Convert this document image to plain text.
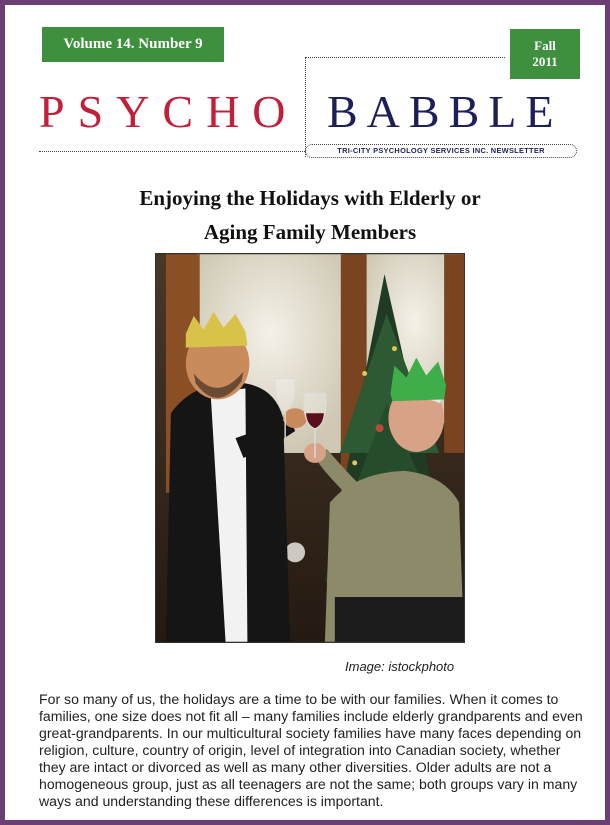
Volume 14. Number 9	Fall
2011
PSYCHO BABBLE
TRI-CITY PSYCHOLOGY SERVICES INC. NEWSLETTER
Enjoying the Holidays with Elderly or
Aging Family Members
Image: istockphoto

For so many of us, the holidays are a time to be with our families. When it comes to families, one size does not fit all – many families include elderly grandparents and even great-grandparents. In our multicultural society families have many faces depending on religion, culture, country of origin, level of integration into Canadian society, whether they are intact or divorced as well as many other diversities. Older adults are not a homogeneous group, just as all teenagers are not the same; both groups vary in many ways and understanding these differences is important.
